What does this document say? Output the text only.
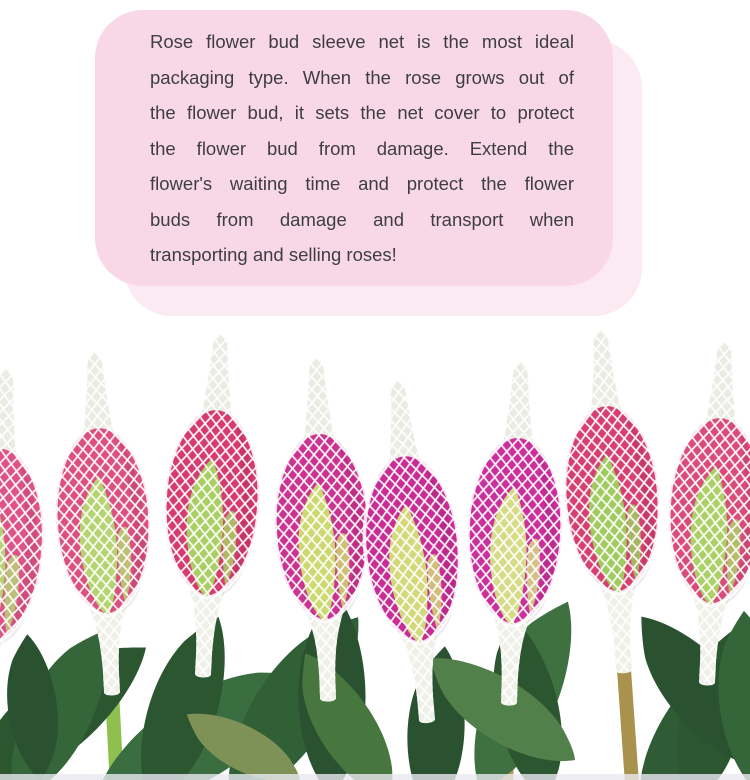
Rose flower bud sleeve net is the most ideal
packaging type. When the rose grows out of
the flower bud, it sets the net cover to protect
the flower bud from damage. Extend the
flower's waiting time and protect the flower
buds from damage and transport when
transporting and selling roses!
